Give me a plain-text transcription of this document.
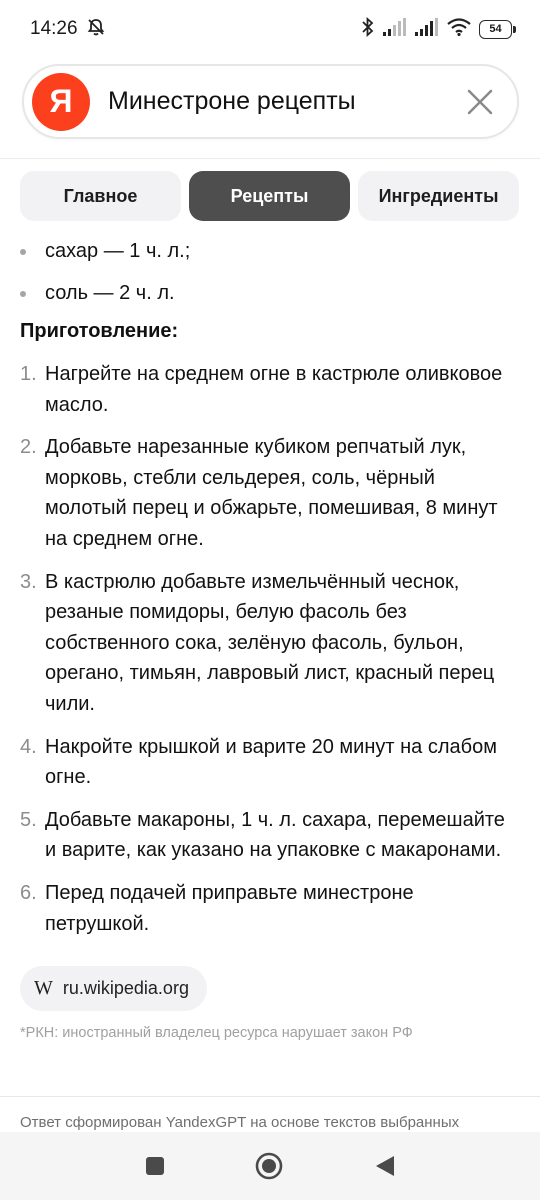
14:26	54
Я
Минестроне рецепты
Главное	Рецепты	Ингредиенты
сахар — 1 ч. л.;
соль — 2 ч. л.
Приготовление:
1. Нагрейте на среднем огне в кастрюле оливковое масло.
2. Добавьте нарезанные кубиком репчатый лук, морковь, стебли сельдерея, соль, чёрный молотый перец и обжарьте, помешивая, 8 минут на среднем огне.
3. В кастрюлю добавьте измельчённый чеснок, резаные помидоры, белую фасоль без собственного сока, зелёную фасоль, бульон, орегано, тимьян, лавровый лист, красный перец чили.
4. Накройте крышкой и варите 20 минут на слабом огне.
5. Добавьте макароны, 1 ч. л. сахара, перемешайте и варите, как указано на упаковке с макаронами.
6. Перед подачей приправьте минестроне петрушкой.
W ru.wikipedia.org
*РКН: иностранный владелец ресурса нарушает закон РФ
Ответ сформирован YandexGPT на основе текстов выбранных
